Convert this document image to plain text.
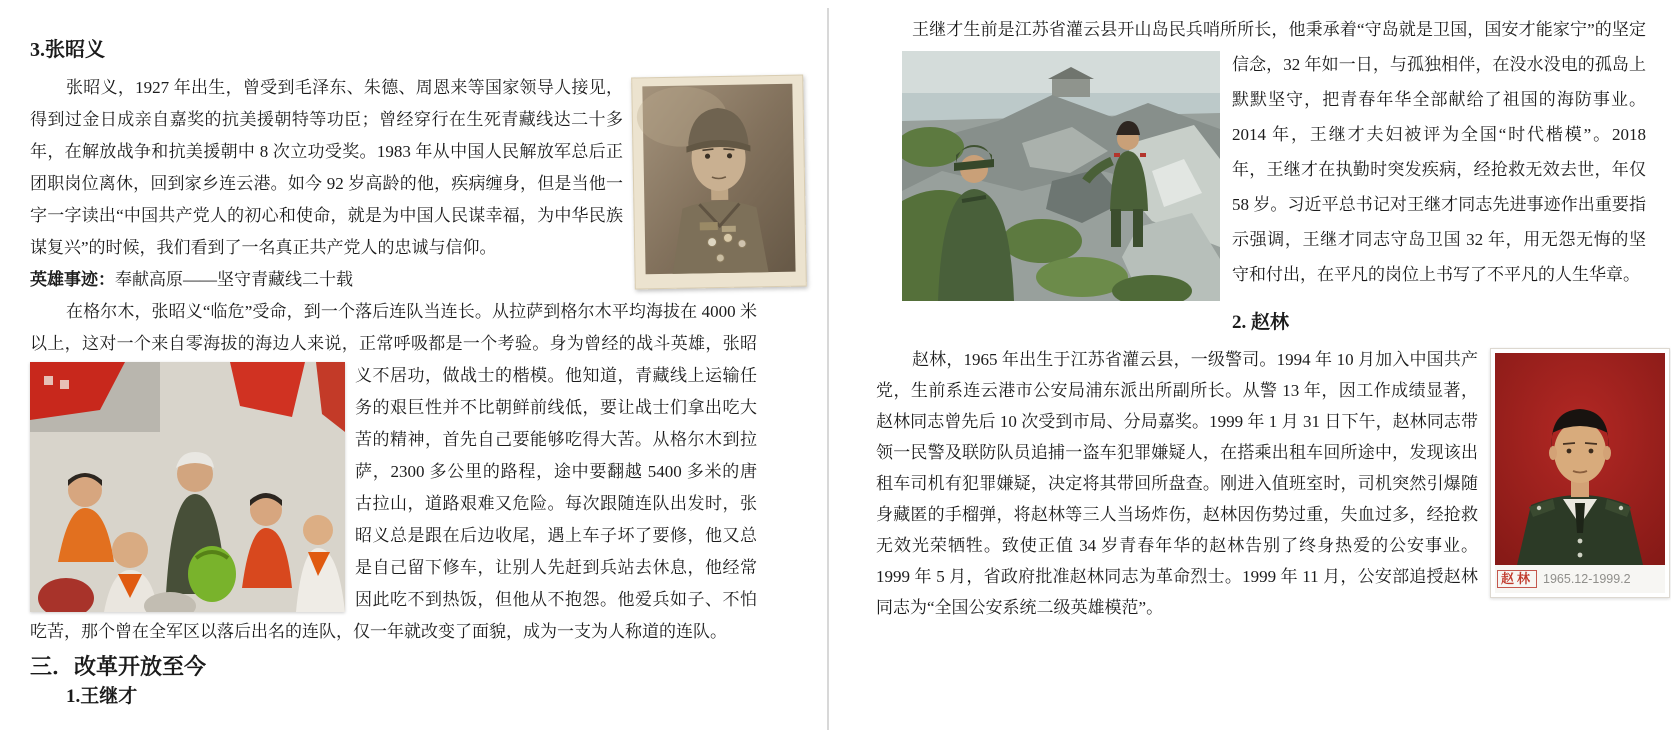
3.张昭义

张昭义，1927 年出生，曾受到毛泽东、朱德、周恩来等国家领导人接见，得到过金日成亲自嘉奖的抗美援朝特等功臣；曾经穿行在生死青藏线达二十多年，在解放战争和抗美援朝中 8 次立功受奖。1983 年从中国人民解放军总后正团职岗位离休，回到家乡连云港。如今 92 岁高龄的他，疾病缠身，但是当他一字一字读出“中国共产党人的初心和使命，就是为中国人民谋幸福，为中华民族谋复兴”的时候，我们看到了一名真正共产党人的忠诚与信仰。

英雄事迹：奉献高原——坚守青藏线二十载

在格尔木，张昭义“临危”受命，到一个落后连队当连长。从拉萨到格尔木平均海拔在 4000 米以上，这对一个来自零海拔的海边人来说，正常呼吸都是一个考验。身为曾经的战斗英雄，
张昭义不居功，做战士的楷模。他知道，青藏线上运输任务的艰巨性并不比朝鲜前线低，要让战士们拿出吃大苦的精神，首先自己要能够吃得大苦。从格尔木到拉萨，2300 多公里的路程，途中要翻越 5400 多米的唐古拉山，道路艰难又危险。每次跟随连队出发时，张昭义总是跟在后边收尾，遇上车子坏了要修，他又总是自己留下修车，让别人先赶到兵站去休息，他经常因此吃不到热饭，但他从不抱怨。他爱兵如子、不怕吃苦，那个曾在全军区以落后出名的连队，仅一年就改变了面貌，成为一支为人称道的连队。

三．改革开放至今
1.王继才

王继才生前是江苏省灌云县开山岛民兵哨所所长，他秉承着“守岛就是卫国，国安才
能家宁”的坚定信念，32 年如一日，与孤独相伴，在没水没电的孤岛上默默坚守，把青春年华全部献给了祖国的海防事业。2014 年，王继才夫妇被评为全国“时代楷模”。2018 年，王继才在执勤时突发疾病，经抢救无效去世，年仅 58 岁。习近平总书记对王继才同志先进事迹作出重要指示强调，王继才同志守岛卫国 32 年，用无怨无悔的坚守和付出，在平凡的岗位上书写了不平凡的人生华章。

2. 赵林

赵林 1965.12-1999.2
赵林，1965 年出生于江苏省灌云县，一级警司。1994 年 10 月加入中国共产党，生前系连云港市公安局浦东派出所副所长。从警 13 年，因工作成绩显著，赵林同志曾先后 10 次受到市局、分局嘉奖。1999 年 1 月 31 日下午，赵林同志带领一民警及联防队员追捕一盗车犯罪嫌疑人，在搭乘出租车回所途中，发现该出租车司机有犯罪嫌疑，决定将其带回所盘查。刚进入值班室时，司机突然引爆随身藏匿的手榴弹，将赵林等三人当场炸伤，赵林因伤势过重，失血过多，经抢救无效光荣牺牲。致使正值 34 岁青春年华的赵林告别了终身热爱的公安事业。1999 年 5 月，省政府批准赵林同志为革命烈士。1999 年 11 月，公安部追授赵林同志为“全国公安系统二级英雄模范”。
